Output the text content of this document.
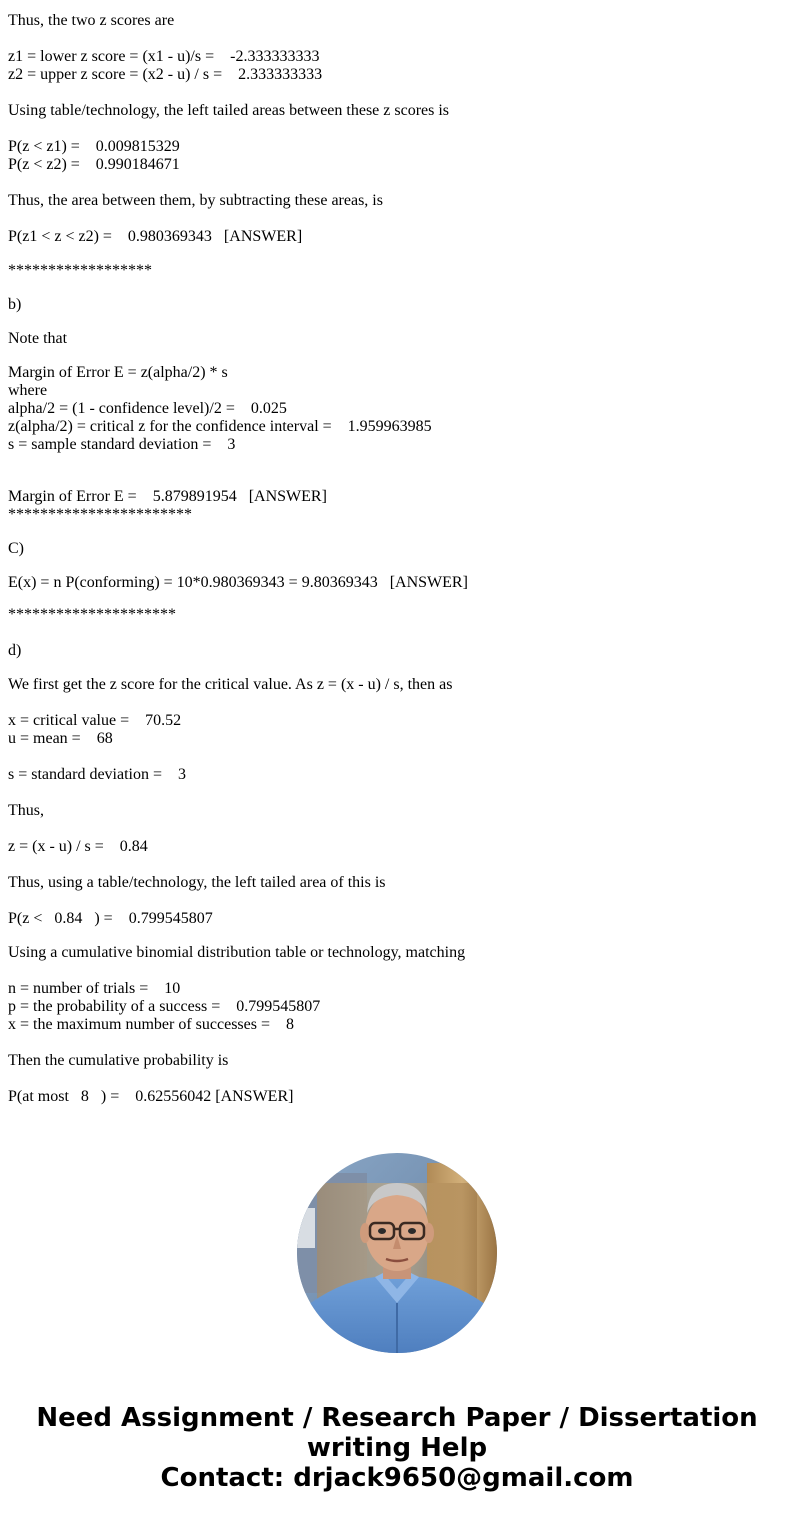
Thus, the two z scores are
z1 = lower z score = (x1 - u)/s =    -2.333333333
z2 = upper z score = (x2 - u) / s =    2.333333333
Using table/technology, the left tailed areas between these z scores is
P(z < z1) =    0.009815329
P(z < z2) =    0.990184671
Thus, the area between them, by subtracting these areas, is
P(z1 < z < z2) =    0.980369343   [ANSWER]
******************
b)
Note that
Margin of Error E = z(alpha/2) * s
where
alpha/2 = (1 - confidence level)/2 =    0.025
z(alpha/2) = critical z for the confidence interval =    1.959963985
s = sample standard deviation =    3
Margin of Error E =    5.879891954   [ANSWER]
***********************
C)
E(x) = n P(conforming) = 10*0.980369343 = 9.80369343   [ANSWER]
*********************
d)
We first get the z score for the critical value. As z = (x - u) / s, then as
x = critical value =    70.52
u = mean =    68
s = standard deviation =    3
Thus,
z = (x - u) / s =    0.84
Thus, using a table/technology, the left tailed area of this is
P(z <   0.84   ) =    0.799545807
Using a cumulative binomial distribution table or technology, matching
n = number of trials =    10
p = the probability of a success =    0.799545807
x = the maximum number of successes =    8
Then the cumulative probability is
P(at most   8   ) =    0.62556042 [ANSWER]
Need Assignment / Research Paper / Dissertation
writing Help
Contact: drjack9650@gmail.com
